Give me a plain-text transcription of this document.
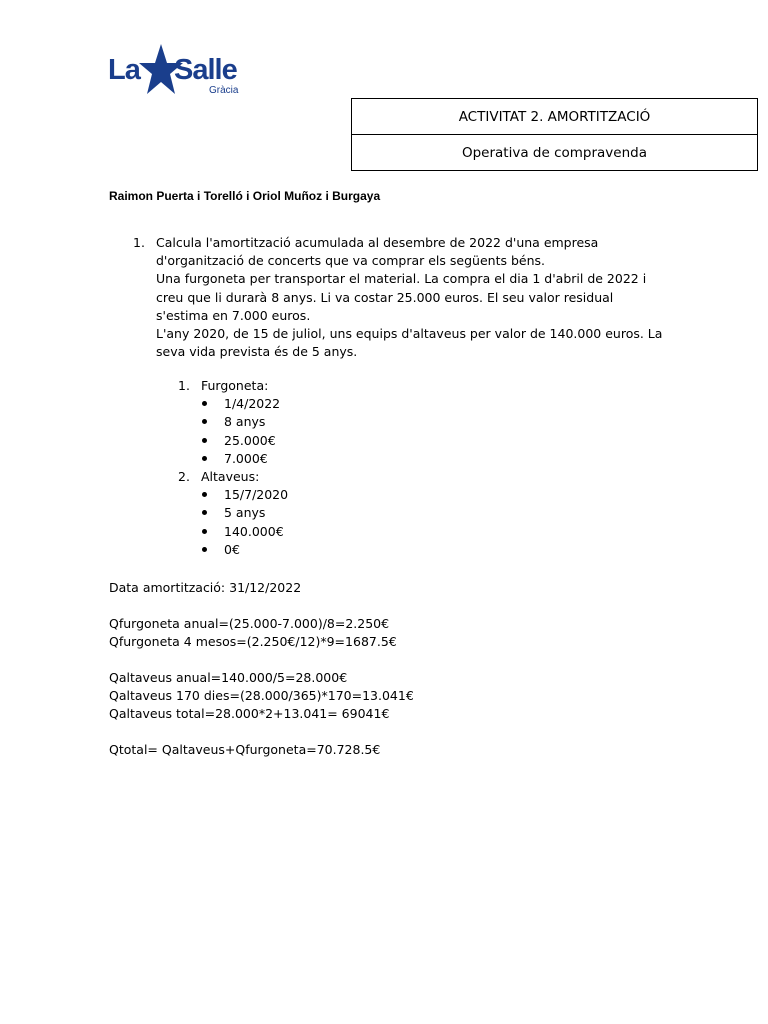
La Salle
Gràcia
ACTIVITAT 2. AMORTITZACIÓ
Operativa de compravenda
Raimon Puerta i Torelló i Oriol Muñoz i Burgaya
1. Calcula l'amortització acumulada al desembre de 2022 d'una empresa
d'organització de concerts que va comprar els següents béns.
Una furgoneta per transportar el material. La compra el dia 1 d'abril de 2022 i
creu que li durarà 8 anys. Li va costar 25.000 euros. El seu valor residual
s'estima en 7.000 euros.
L'any 2020, de 15 de juliol, uns equips d'altaveus per valor de 140.000 euros. La
seva vida prevista és de 5 anys.
1. Furgoneta:
1/4/2022
8 anys
25.000€
7.000€
2. Altaveus:
15/7/2020
5 anys
140.000€
0€
Data amortització: 31/12/2022
Qfurgoneta anual=(25.000-7.000)/8=2.250€
Qfurgoneta 4 mesos=(2.250€/12)*9=1687.5€
Qaltaveus anual=140.000/5=28.000€
Qaltaveus 170 dies=(28.000/365)*170=13.041€
Qaltaveus total=28.000*2+13.041= 69041€
Qtotal= Qaltaveus+Qfurgoneta=70.728.5€
